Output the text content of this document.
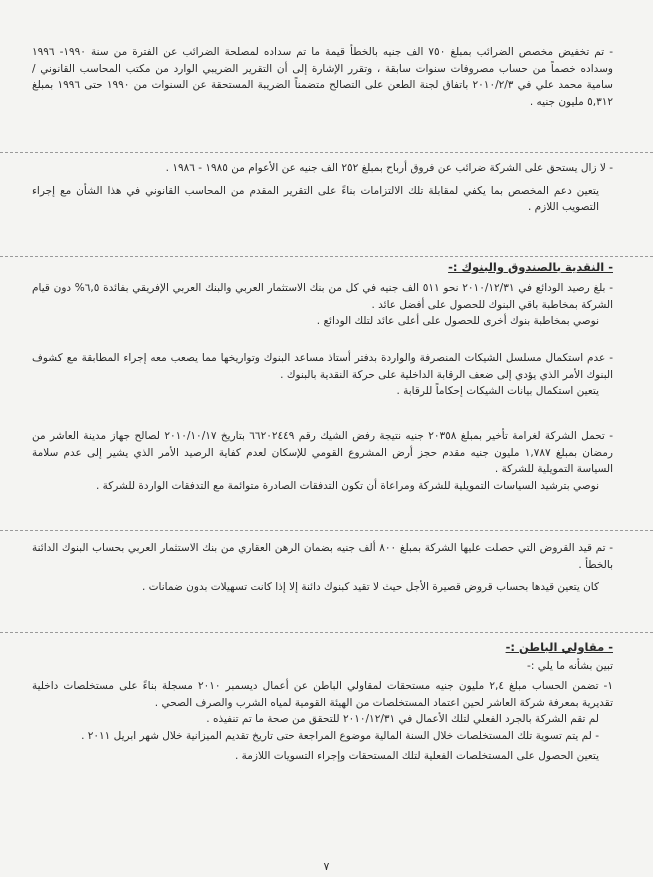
- تم تخفيض مخصص الضرائب بمبلغ ٧٥٠ الف جنيه بالخطأ قيمة ما تم سداده لمصلحة الضرائب عن الفترة من سنة ١٩٩٠- ١٩٩٦ وسداده خصماً من حساب مصروفات سنوات سابقة ، وتقرر الإشارة إلى أن التقرير الضريبي الوارد من مكتب المحاسب القانوني / سامية محمد علي في ٢٠١٠/٢/٣ باتفاق لجنة الطعن على التصالح متضمناً الضريبة المستحقة عن السنوات من ١٩٩٠ حتى ١٩٩٦ بمبلغ ٥,٣١٢ مليون جنيه .

- لا زال يستحق على الشركة ضرائب عن فروق أرباح بمبلغ ٢٥٢ الف جنيه عن الأعوام من ١٩٨٥ - ١٩٨٦ .

يتعين دعم المخصص بما يكفي لمقابلة تلك الالتزامات بناءً على التقرير المقدم من المحاسب القانوني في هذا الشأن مع إجراء التصويب اللازم .

- النقدية بالصندوق والبنوك :-

- بلغ رصيد الودائع في ٢٠١٠/١٢/٣١ نحو ٥١١ الف جنيه في كل من بنك الاستثمار العربي والبنك العربي الإفريقي بفائدة ٦,٥% دون قيام الشركة بمخاطبة باقي البنوك للحصول على أفضل عائد .

نوصي بمخاطبة بنوك أخرى للحصول على أعلى عائد لتلك الودائع .

- عدم استكمال مسلسل الشيكات المنصرفة والواردة بدفتر أستاذ مساعد البنوك وتواريخها مما يصعب معه إجراء المطابقة مع كشوف البنوك الأمر الذي يؤدي إلى ضعف الرقابة الداخلية على حركة النقدية بالبنوك .

يتعين استكمال بيانات الشيكات إحكاماً للرقابة .

- تحمل الشركة لغرامة تأخير بمبلغ ٢٠٣٥٨ جنيه نتيجة رفض الشيك رقم ٦٦٢٠٢٤٤٩ بتاريخ ٢٠١٠/١٠/١٧ لصالح جهاز مدينة العاشر من رمضان بمبلغ ١,٧٨٧ مليون جنيه مقدم حجز أرض المشروع القومي للإسكان لعدم كفاية الرصيد الأمر الذي يشير إلى عدم سلامة السياسة التمويلية للشركة .

نوصي بترشيد السياسات التمويلية للشركة ومراعاة أن تكون التدفقات الصادرة متوائمة مع التدفقات الواردة للشركة .

- تم قيد القروض التي حصلت عليها الشركة بمبلغ ٨٠٠ ألف جنيه بضمان الرهن العقاري من بنك الاستثمار العربي بحساب البنوك الدائنة بالخطأ .

كان يتعين قيدها بحساب قروض قصيرة الأجل حيث لا تقيد كبنوك دائنة إلا إذا كانت تسهيلات بدون ضمانات .

- مقاولي الباطن :-

تبين بشأنه ما يلي :-

١- تضمن الحساب مبلغ ٢,٤ مليون جنيه مستحقات لمقاولي الباطن عن أعمال ديسمبر ٢٠١٠ مسجلة بناءً على مستخلصات داخلية تقديرية بمعرفة شركة العاشر لحين اعتماد المستخلصات من الهيئة القومية لمياه الشرب والصرف الصحي .

لم تقم الشركة بالجرد الفعلي لتلك الأعمال في ٢٠١٠/١٢/٣١ للتحقق من صحة ما تم تنفيذه .

- لم يتم تسوية تلك المستخلصات خلال السنة المالية موضوع المراجعة حتى تاريخ تقديم الميزانية خلال شهر ابريل ٢٠١١ .

يتعين الحصول على المستخلصات الفعلية لتلك المستحقات وإجراء التسويات اللازمة .

٧
